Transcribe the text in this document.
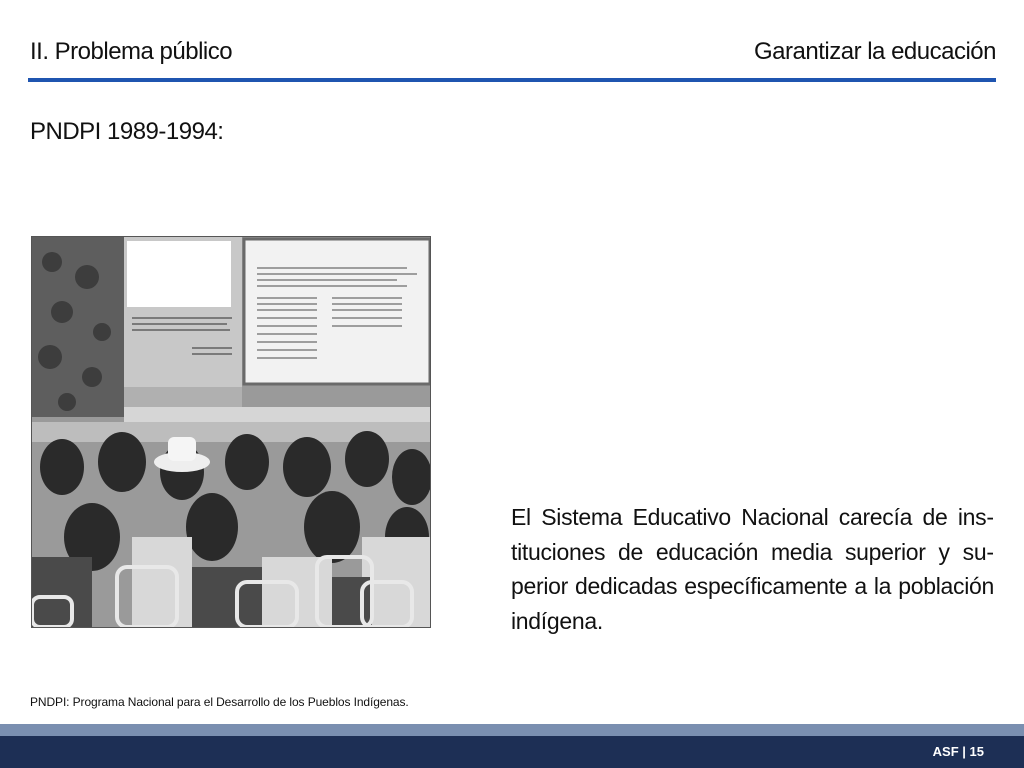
II. Problema público	Garantizar la educación
PNDPI 1989-1994:
El Sistema Educativo Nacional carecía de instituciones de educación media superior y superior dedicadas específicamente a la población indígena.
PNDPI: Programa Nacional para el Desarrollo de los Pueblos Indígenas.
ASF | 15
